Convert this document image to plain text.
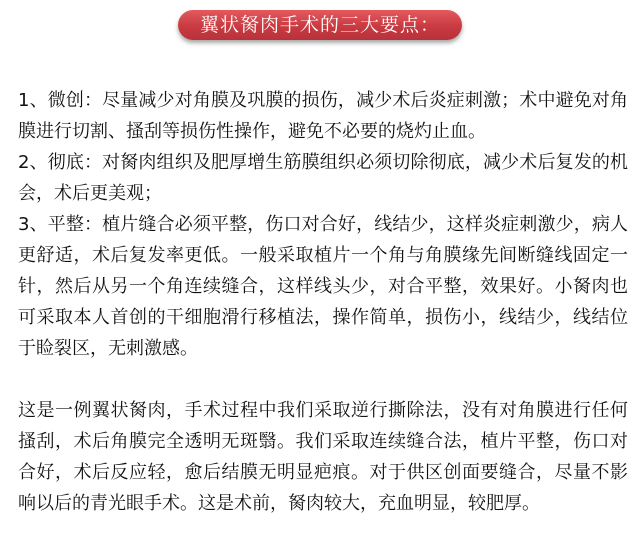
翼状胬肉手术的三大要点：

1、微创：尽量减少对角膜及巩膜的损伤，减少术后炎症刺激；术中避免对角膜进行切割、搔刮等损伤性操作，避免不必要的烧灼止血。

2、彻底：对胬肉组织及肥厚增生筋膜组织必须切除彻底，减少术后复发的机会，术后更美观；

3、平整：植片缝合必须平整，伤口对合好，线结少，这样炎症刺激少，病人更舒适，术后复发率更低。一般采取植片一个角与角膜缘先间断缝线固定一针，然后从另一个角连续缝合，这样线头少，对合平整，效果好。小胬肉也可采取本人首创的干细胞滑行移植法，操作简单，损伤小，线结少，线结位于睑裂区，无刺激感。

这是一例翼状胬肉，手术过程中我们采取逆行撕除法，没有对角膜进行任何搔刮，术后角膜完全透明无斑翳。我们采取连续缝合法，植片平整，伤口对合好，术后反应轻，愈后结膜无明显疤痕。对于供区创面要缝合，尽量不影响以后的青光眼手术。这是术前，胬肉较大，充血明显，较肥厚。
